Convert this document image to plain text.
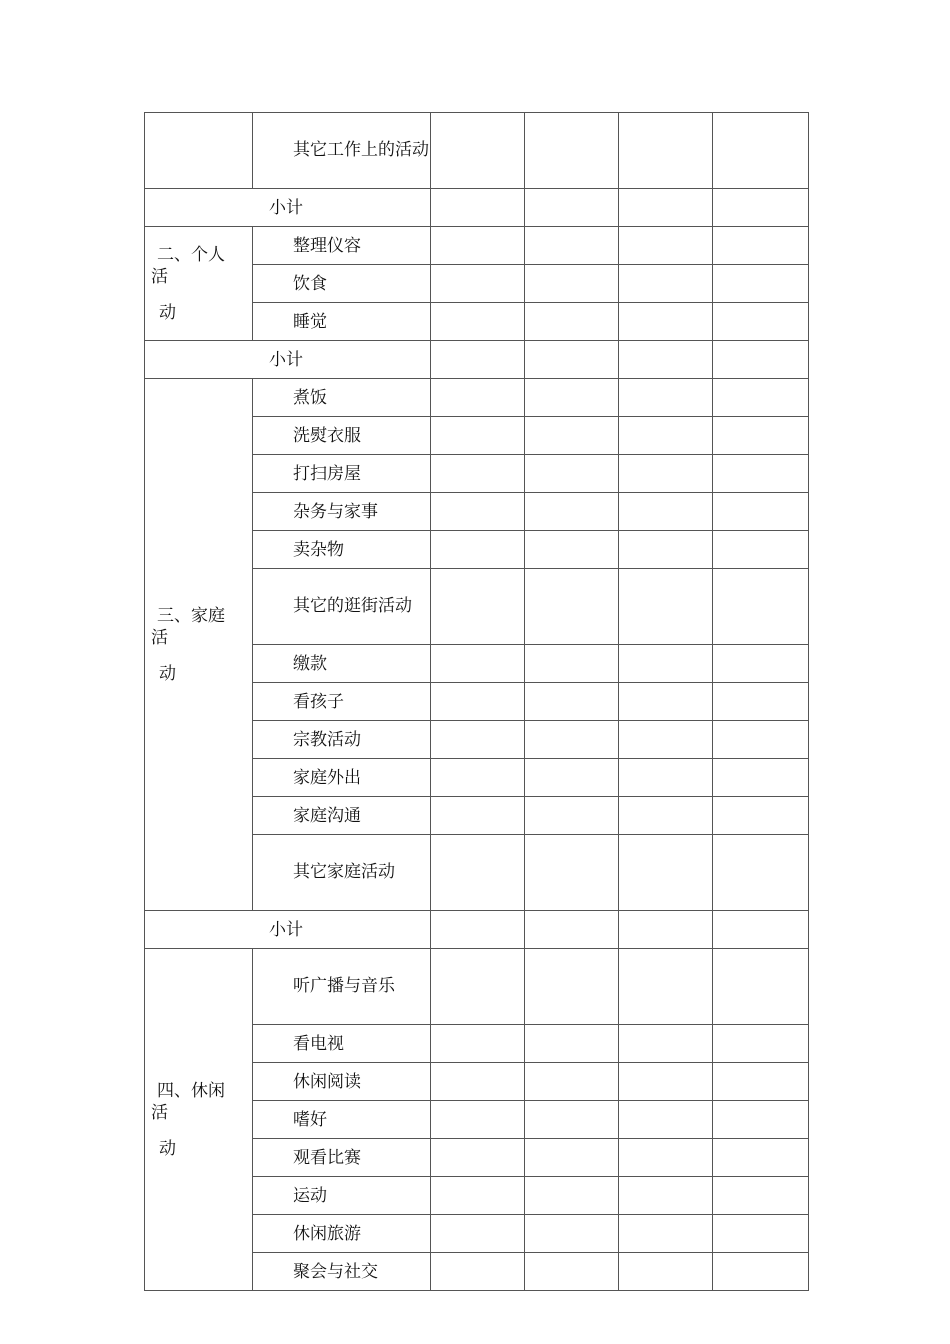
	其它工作上的活动				
小计					

二、个人
活
动	整理仪容				
	饮食				
	睡觉				
小计					

三、家庭
活
动	煮饭				
	洗熨衣服				
	打扫房屋				
	杂务与家事				
	卖杂物				
	其它的逛街活动				
	缴款				
	看孩子				
	宗教活动				
	家庭外出				
	家庭沟通				
	其它家庭活动				
小计					

四、休闲
活
动	听广播与音乐				
	看电视				
	休闲阅读				
	嗜好				
	观看比赛				
	运动				
	休闲旅游				
	聚会与社交				
